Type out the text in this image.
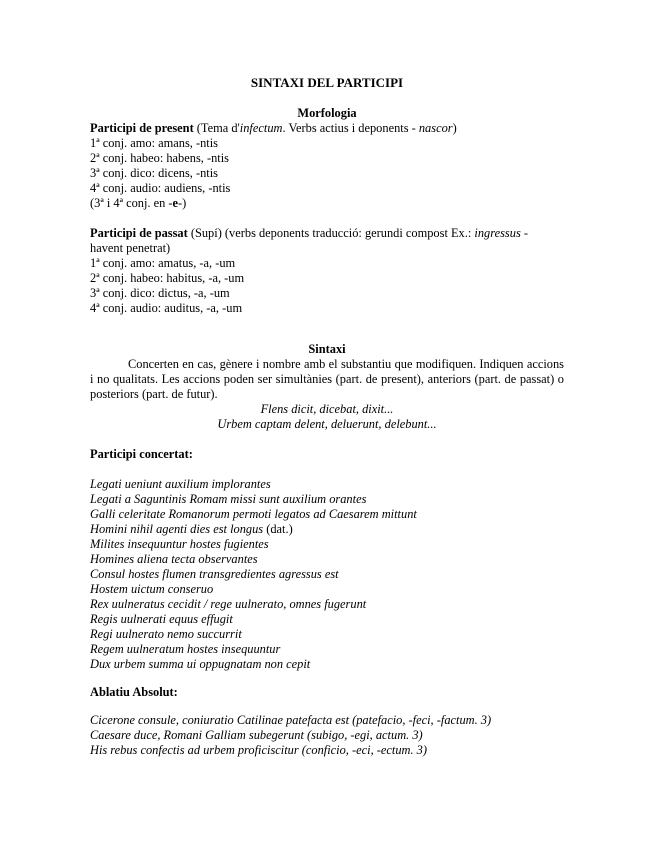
SINTAXI DEL PARTICIPI
Morfologia
Participi de present (Tema d'infectum. Verbs actius i deponents - nascor)
1ª conj. amo: amans, -ntis
2ª conj. habeo: habens, -ntis
3ª conj. dico: dicens, -ntis
4ª conj. audio: audiens, -ntis
(3ª i 4ª conj. en -e-)
Participi de passat (Supí) (verbs deponents traducció: gerundi compost Ex.: ingressus -
havent penetrat)
1ª conj. amo: amatus, -a, -um
2ª conj. habeo: habitus, -a, -um
3ª conj. dico: dictus, -a, -um
4ª conj. audio: auditus, -a, -um
Sintaxi
Concerten en cas, gènere i nombre amb el substantiu que modifiquen. Indiquen accions i no qualitats. Les accions poden ser simultànies (part. de present), anteriors (part. de passat) o posteriors (part. de futur).
Flens dicit, dicebat, dixit...
Urbem captam delent, deluerunt, delebunt...
Participi concertat:
Legati ueniunt auxilium implorantes
Legati a Saguntinis Romam missi sunt auxilium orantes
Galli celeritate Romanorum permoti legatos ad Caesarem mittunt
Homini nihil agenti dies est longus (dat.)
Milites insequuntur hostes fugientes
Homines aliena tecta observantes
Consul hostes flumen transgredientes agressus est
Hostem uictum conseruo
Rex uulneratus cecidit / rege uulnerato, omnes fugerunt
Regis uulnerati equus effugit
Regi uulnerato nemo succurrit
Regem uulneratum hostes insequuntur
Dux urbem summa ui oppugnatam non cepit
Ablatiu Absolut:
Cicerone consule, coniuratio Catilinae patefacta est (patefacio, -feci, -factum. 3)
Caesare duce, Romani Galliam subegerunt (subigo, -egi, actum. 3)
His rebus confectis ad urbem proficiscitur (conficio, -eci, -ectum. 3)
